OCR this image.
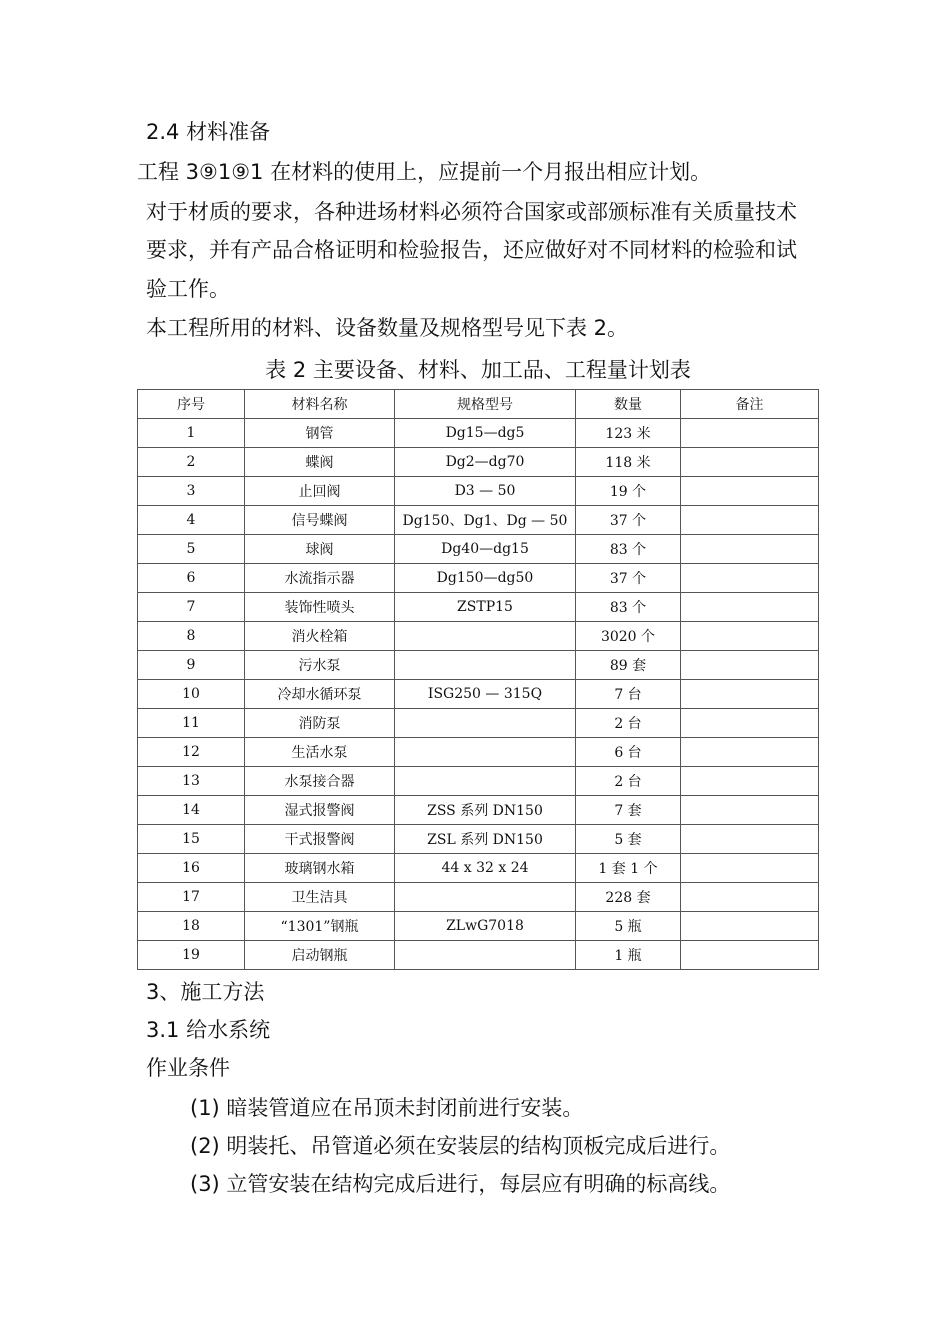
2.4 材料准备
工程 3⑨1⑨1 在材料的使用上，应提前一个月报出相应计划。
对于材质的要求，各种进场材料必须符合国家或部颁标准有关质量技术
要求，并有产品合格证明和检验报告，还应做好对不同材料的检验和试
验工作。
本工程所用的材料、设备数量及规格型号见下表 2。
表 2 主要设备、材料、加工品、工程量计划表
序号	材料名称	规格型号	数量	备注
1	钢管	Dg15—dg5	123 米	
2	蝶阀	Dg2—dg70	118 米	
3	止回阀	D3 — 50	19 个	
4	信号蝶阀	Dg150、Dg1、Dg — 50	37 个	
5	球阀	Dg40—dg15	83 个	
6	水流指示器	Dg150—dg50	37 个	
7	装饰性喷头	ZSTP15	83 个	
8	消火栓箱		3020 个	
9	污水泵		89 套	
10	冷却水循环泵	ISG250 — 315Q	7 台	
11	消防泵		2 台	
12	生活水泵		6 台	
13	水泵接合器		2 台	
14	湿式报警阀	ZSS 系列 DN150	7 套	
15	干式报警阀	ZSL 系列 DN150	5 套	
16	玻璃钢水箱	44 x 32 x 24	1 套 1 个	
17	卫生洁具		228 套	
18	“1301”钢瓶	ZLwG7018	5 瓶	
19	启动钢瓶		1 瓶	
3、施工方法
3.1 给水系统
作业条件
(1) 暗装管道应在吊顶未封闭前进行安装。
(2) 明装托、吊管道必须在安装层的结构顶板完成后进行。
(3) 立管安装在结构完成后进行，每层应有明确的标高线。
